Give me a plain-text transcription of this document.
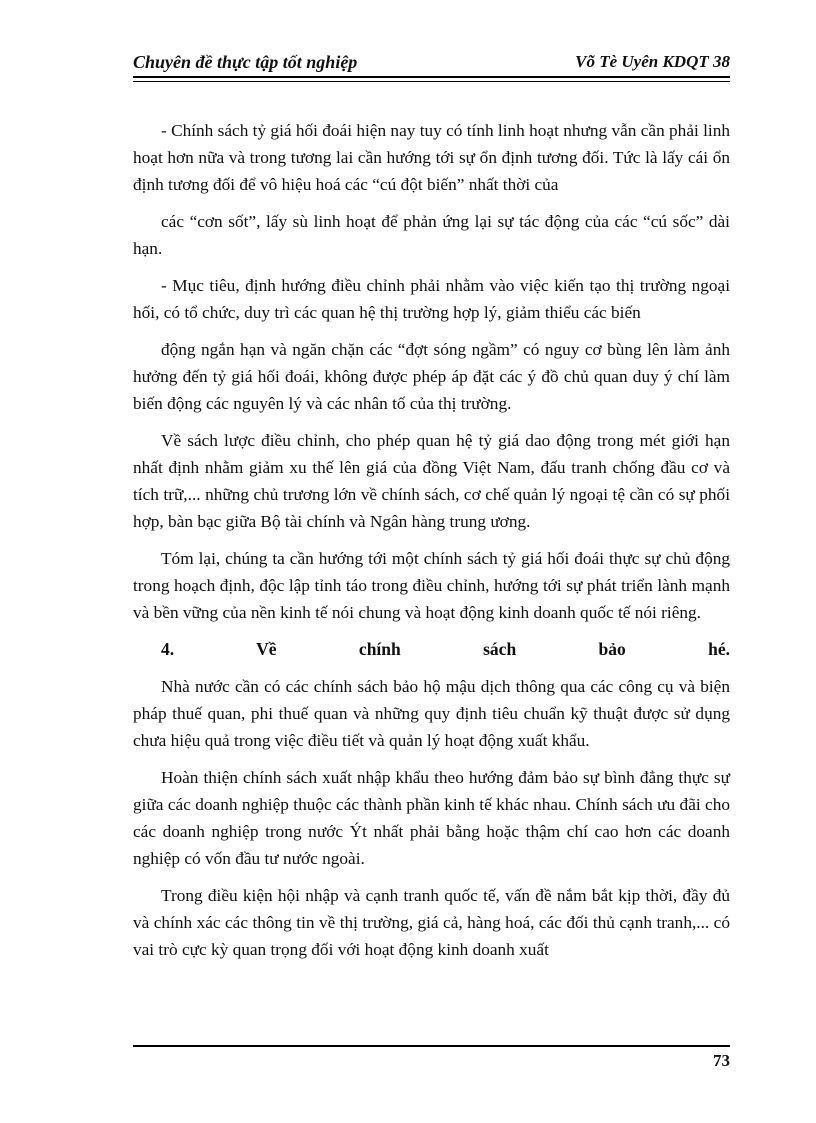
Chuyên đề thực tập tốt nghiệp	Võ Tè Uyên KDQT 38

- Chính sách tỷ giá hối đoái hiện nay tuy có tính linh hoạt nhưng vẫn cần phải linh hoạt hơn nữa và trong tương lai cần hướng tới sự ổn định tương đối. Tức là lấy cái ổn định tương đối để vô hiệu hoá các “cú đột biến” nhất thời của

các “cơn sốt”, lấy sù linh hoạt để phản ứng lại sự tác động của các “cú sốc” dài hạn.

- Mục tiêu, định hướng điều chỉnh phải nhằm vào việc kiến tạo thị trường ngoại hối, có tổ chức, duy trì các quan hệ thị trường hợp lý, giảm thiểu các biến

động ngắn hạn và ngăn chặn các “đợt sóng ngầm” có nguy cơ bùng lên làm ảnh hưởng đến tỷ giá hối đoái, không được phép áp đặt các ý đồ chủ quan duy ý chí làm biến động các nguyên lý và các nhân tố của thị trường.

Về sách lược điều chỉnh, cho phép quan hệ tỷ giá dao động trong mét giới hạn nhất định nhằm giảm xu thế lên giá của đồng Việt Nam, đấu tranh chống đầu cơ và tích trữ,... những chủ trương lớn về chính sách, cơ chế quản lý ngoại tệ cần có sự phối hợp, bàn bạc giữa Bộ tài chính và Ngân hàng trung ương.

Tóm lại, chúng ta cần hướng tới một chính sách tỷ giá hối đoái thực sự chủ động trong hoạch định, độc lập tỉnh táo trong điều chỉnh, hướng tới sự phát triển lành mạnh và bền vững của nền kinh tế nói chung và hoạt động kinh doanh quốc tế nói riêng.

4. Về chính sách bảo hé.

Nhà nước cần có các chính sách bảo hộ mậu dịch thông qua các công cụ và biện pháp thuế quan, phi thuế quan và những quy định tiêu chuẩn kỹ thuật được sử dụng chưa hiệu quả trong việc điều tiết và quản lý hoạt động xuất khẩu.

Hoàn thiện chính sách xuất nhập khẩu theo hướng đảm bảo sự bình đẳng thực sự giữa các doanh nghiệp thuộc các thành phần kinh tế khác nhau. Chính sách ưu đãi cho các doanh nghiệp trong nước Ýt nhất phải bằng hoặc thậm chí cao hơn các doanh nghiệp có vốn đầu tư nước ngoài.

Trong điều kiện hội nhập và cạnh tranh quốc tế, vấn đề nắm bắt kịp thời, đầy đủ và chính xác các thông tin về thị trường, giá cả, hàng hoá, các đối thủ cạnh tranh,... có vai trò cực kỳ quan trọng đối với hoạt động kinh doanh xuất

73
